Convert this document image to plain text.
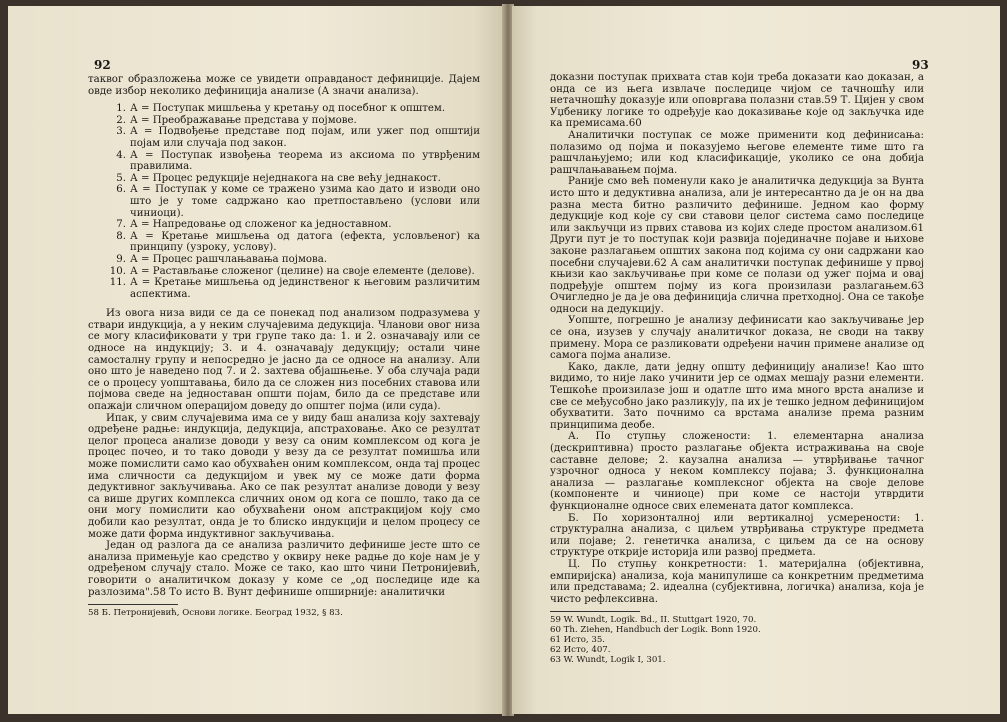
92

таквог образложења може се увидети оправданост дефиниције. Дајем овде избор неколико дефиниција анализе (А значи анализа).

1. А = Поступак мишљења у кретању од посебног к општем.
2. А = Преображавање представа у појмове.
3. А = Подвођење представе под појам, или ужег под општији појам или случаја под закон.
4. А = Поступак извођења теорема из аксиома по утврђеним правилима.
5. А = Процес редукције неједнакога на све већу једнакост.
6. А = Поступак у коме се тражено узима као дато и изводи оно што је у томе садржано као претпостављено (услови или чиниоци).
7. А = Напредовање од сложеног ка једноставном.
8. А = Кретање мишљења од датога (ефекта, условљеног) ка принципу (узроку, услову).
9. А = Процес рашчлањавања појмова.
10. А = Растављање сложеног (целине) на своје елементе (делове).
11. А = Кретање мишљења од јединственог к његовим различитим аспектима.

Из овога низа види се да се понекад под анализом подразумева у ствари индукција, а у неким случајевима дедукција. Чланови овог низа се могу класификовати у три групе тако да: 1. и 2. означавају или се односе на индукцију; 3. и 4. означавају дедукцију; остали чине самосталну групу и непосредно је јасно да се односе на анализу. Али оно што је наведено под 7. и 2. захтева објашњење. У оба случаја ради се о процесу уопштавања, било да се сложен низ посебних ставова или појмова сведе на једноставан општи појам, било да се представе или опажаји сличном операцијом доведу до општег појма (или суда).

Ипак, у свим случајевима има се у виду баш анализа коју захтевају одређене радње: индукција, дедукција, апстраховање. Ако се резултат целог процеса анализе доводи у везу са оним комплексом од кога је процес почео, и то тако доводи у везу да се резултат помишља или може помислити само као обухваћен оним комплексом, онда тај процес има сличности са дедукцијом и увек му се може дати форма дедуктивног закључивања. Ако се пак резултат анализе доводи у везу са више других комплекса сличних оном од кога се пошло, тако да се они могу помислити као обухваћени оном апстракцијом коју смо добили као резултат, онда је то блиско индукцији и целом процесу се може дати форма индуктивног закључивања.

Један од разлога да се анализа различито дефинише јесте што се анализа примењује као средство у оквиру неке радње до које нам је у одређеном случају стало. Може се тако, као што чини Петронијевић, говорити о аналитичком доказу у коме се „од последице иде ка разлозима".58 То исто В. Вунт дефинише опширније: аналитички

58 Б. Петронијевић, Основи логике. Београд 1932, § 83.
93

доказни поступак прихвата став који треба доказати као доказан, а онда се из њега извлаче последице чијом се тачношћу или нетачношћу доказује или оповргава полазни став.59 Т. Цијен у свом Уџбенику логике то одређује као доказивање које од закључка иде ка премисама.60

Аналитички поступак се може применити код дефинисања: полазимо од појма и показујемо његове елементе тиме што га рашчлањујемо; или код класификације, уколико се она добија рашчлањавањем појма.

Раније смо већ поменули како је аналитичка дедукција за Вунта исто што и дедуктивна анализа, али је интересантно да је он на два разна места битно различито дефинише. Једном као форму дедукције код које су сви ставови целог система само последице или закључци из првих ставова из којих следе простом анализом.61 Други пут је то поступак који развија појединачне појаве и њихове законе разлагањем општих закона под којима су они садржани као посебни случајеви.62 А сам аналитички поступак дефинише у првој књизи као закључивање при коме се полази од ужег појма и овај подређује општем појму из кога произилази разлагањем.63 Очигледно је да је ова дефиниција слична претходној. Она се такође односи на дедукцију.

Уопште, погрешно је анализу дефинисати као закључивање јер се она, изузев у случају аналитичког доказа, не своди на такву примену. Мора се разликовати одређени начин примене анализе од самога појма анализе.

Како, дакле, дати једну општу дефиницију анализе! Као што видимо, то није лако учинити јер се одмах мешају разни елементи. Тешкоће произилазе још и одатле што има много врста анализе и све се међусобно јако разликују, па их је тешко једном дефиницијом обухватити. Зато почнимо са врстама анализе према разним принципима деобе.

А. По ступњу сложености: 1. елементарна анализа (дескриптивна) просто разлагање објекта истраживања на своје саставне делове; 2. каузална анализа — утврђивање тачног узрочног односа у неком комплексу појава; 3. функционална анализа — разлагање комплексног објекта на своје делове (компоненте и чиниоце) при коме се настоји утврдити функционалне односе свих елемената датог комплекса.

Б. По хоризонталној или вертикалној усмерености: 1. структурална анализа, с циљем утврђивања структуре предмета или појаве; 2. генетичка анализа, с циљем да се на основу структуре открије историја или развој предмета.

Ц. По ступњу конкретности: 1. материјална (објективна, емпиријска) анализа, која манипулише са конкретним предметима или представама; 2. идеална (субјективна, логичка) анализа, која је чисто рефлексивна.

59 W. Wundt, Logik. Bd., II. Stuttgart 1920, 70.
60 Th. Ziehen, Handbuch der Logik. Bonn 1920.
61 Исто, 35.
62 Исто, 407.
63 W. Wundt, Logik I, 301.
